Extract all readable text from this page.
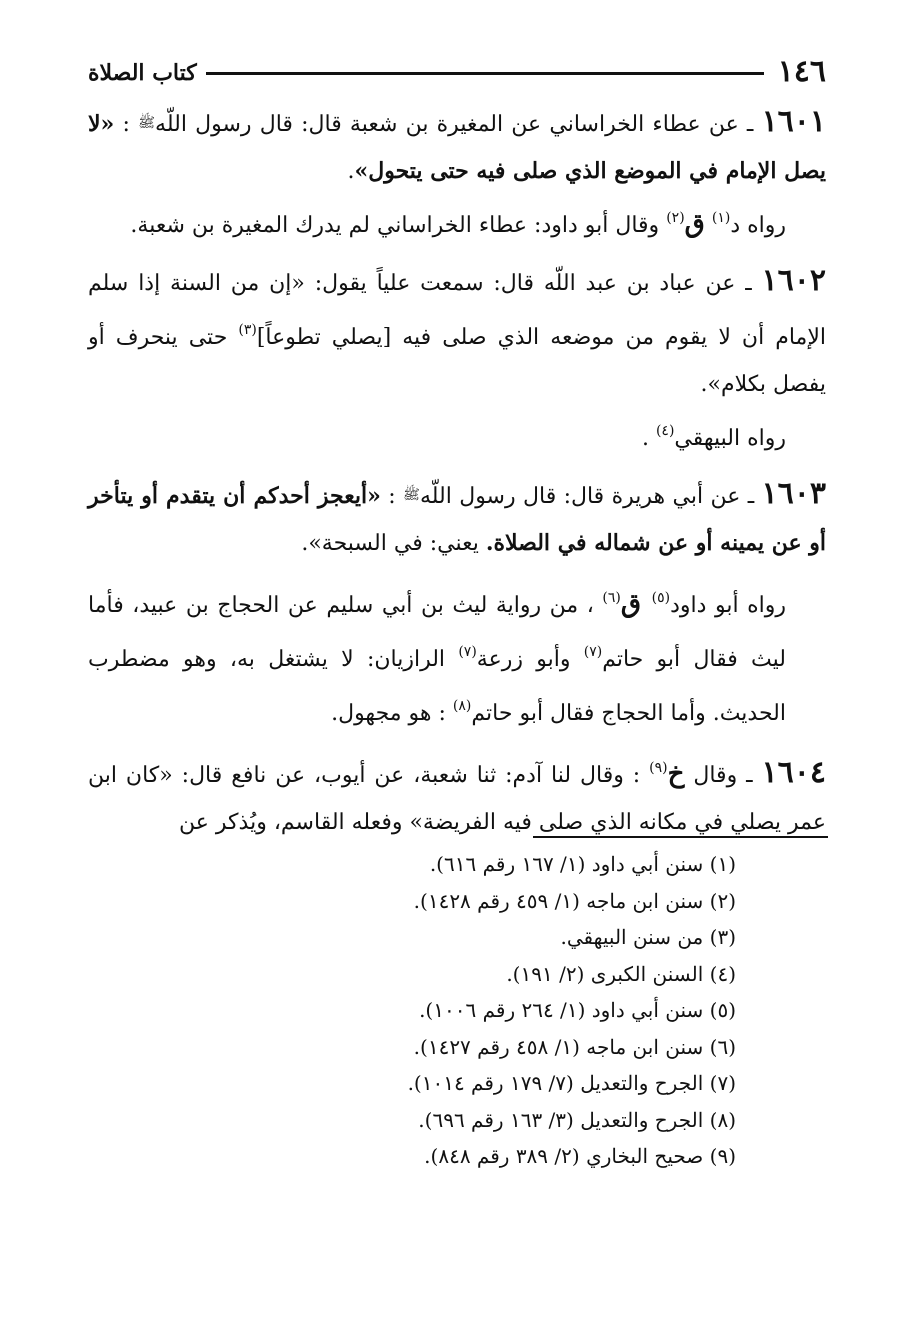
١٤٦
كتاب الصلاة

١٦٠١ ـ عن عطاء الخراساني عن المغيرة بن شعبة قال: قال رسول اللّهﷺ : «لا يصل الإمام في الموضع الذي صلى فيه حتى يتحول».

رواه د$^{(١)}$ ق$^{(٢)}$ وقال أبو داود: عطاء الخراساني لم يدرك المغيرة بن شعبة.

١٦٠٢ ـ عن عباد بن عبد اللّه قال: سمعت علياً يقول: «إن من السنة إذا سلم الإمام أن لا يقوم من موضعه الذي صلى فيه [يصلي تطوعاً]$^{(٣)}$ حتى ينحرف أو يفصل بكلام».

رواه البيهقي$^{(٤)}$ .

١٦٠٣ ـ عن أبي هريرة قال: قال رسول اللّهﷺ : «أيعجز أحدكم أن يتقدم أو يتأخر أو عن يمينه أو عن شماله في الصلاة. يعني: في السبحة».

رواه أبو داود$^{(٥)}$ ق$^{(٦)}$ ، من رواية ليث بن أبي سليم عن الحجاج بن عبيد، فأما ليث فقال أبو حاتم$^{(٧)}$ وأبو زرعة$^{(٧)}$ الرازيان: لا يشتغل به، وهو مضطرب الحديث. وأما الحجاج فقال أبو حاتم$^{(٨)}$ : هو مجهول.

١٦٠٤ ـ وقال خ$^{(٩)}$ : وقال لنا آدم: ثنا شعبة، عن أيوب، عن نافع قال: «كان ابن عمر يصلي في مكانه الذي صلى فيه الفريضة» وفعله القاسم، ويُذكر عن

(١) سنن أبي داود (١/ ١٦٧ رقم ٦١٦).
(٢) سنن ابن ماجه (١/ ٤٥٩ رقم ١٤٢٨).
(٣) من سنن البيهقي.
(٤) السنن الكبرى (٢/ ١٩١).
(٥) سنن أبي داود (١/ ٢٦٤ رقم ١٠٠٦).
(٦) سنن ابن ماجه (١/ ٤٥٨ رقم ١٤٢٧).
(٧) الجرح والتعديل (٧/ ١٧٩ رقم ١٠١٤).
(٨) الجرح والتعديل (٣/ ١٦٣ رقم ٦٩٦).
(٩) صحيح البخاري (٢/ ٣٨٩ رقم ٨٤٨).
